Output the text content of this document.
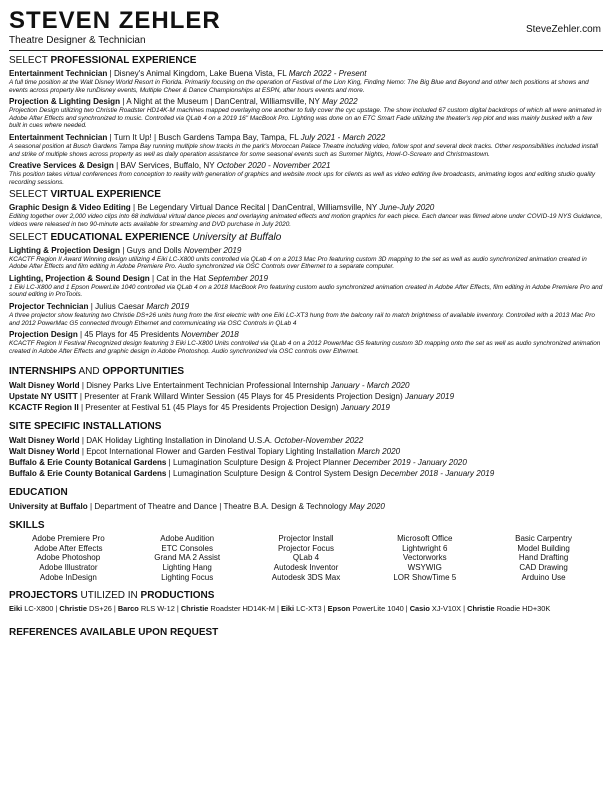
STEVEN ZEHLER
Theatre Designer & Technician
SteveZehler.com
SELECT PROFESSIONAL EXPERIENCE
Entertainment Technician | Disney's Animal Kingdom, Lake Buena Vista, FL March 2022 - Present
A full time position at the Walt Disney World Resort in Florida. Primarily focusing on the operation of Festival of the Lion King, Finding Nemo: The Big Blue and Beyond and other tech positions at shows and events across property like runDisney events, Multiple Cheer & Dance Championships at ESPN, after hours events and more.
Projection & Lighting Design | A Night at the Museum | DanCentral, Williamsville, NY May 2022
Projection Design utilizing two Christie Roadster HD14K-M machines mapped overlaying one another to fully cover the cyc upstage. The show included 67 custom digital backdrops of which all were animated in Adobe After Effects and synchronized to music. Controlled via QLab 4 on a 2019 16" MacBook Pro. Lighting was done on an ETC Smart Fade utilizing the theater's rep plot and was mainly busked with a few built in cues where needed.
Entertainment Technician | Turn It Up! | Busch Gardens Tampa Bay, Tampa, FL July 2021 - March 2022
A seasonal position at Busch Gardens Tampa Bay running multiple show tracks in the park's Moroccan Palace Theatre including video, follow spot and several deck tracks. Other responsibilities included install and strike of multiple shows across property as well as daily operation assistance for some seasonal events such as Summer Nights, Howl-O-Scream and Christmastown.
Creative Services & Design | BAV Services, Buffalo, NY October 2020 - November 2021
This position takes virtual conferences from conception to reality with generation of graphics and website mock ups for clients as well as video editing live broadcasts, animating logos and editing studio quality recording sessions.
SELECT VIRTUAL EXPERIENCE
Graphic Design & Video Editing | Be Legendary Virtual Dance Recital | DanCentral, Williamsville, NY June-July 2020
Editing together over 2,000 video clips into 68 individual virtual dance pieces and overlaying animated effects and motion graphics for each piece. Each dancer was filmed alone under COVID-19 NYS Guidance, videos were released in two 90-minute acts available for streaming and DVD purchase in July 2020.
SELECT EDUCATIONAL EXPERIENCE University at Buffalo
Lighting & Projection Design | Guys and Dolls November 2019
KCACTF Region II Award Winning design utilizing 4 Eiki LC-X800 units controlled via QLab 4 on a 2013 Mac Pro featuring custom 3D mapping to the set as well as audio synchronized animation created in Adobe After Effects and film editing in Adobe Premiere Pro. Audio synchronized via OSC Controls over Ethernet to a separate computer.
Lighting, Projection & Sound Design | Cat in the Hat September 2019
1 Eiki LC-X800 and 1 Epson PowerLite 1040 controlled via QLab 4 on a 2018 MacBook Pro featuring custom audio synchronized animation created in Adobe After Effects, film editing in Adobe Premiere Pro and sound editing in ProTools.
Projector Technician | Julius Caesar March 2019
A three projector show featuring two Christie DS+26 units hung from the first electric with one Eiki LC-XT3 hung from the balcony rail to match brightness of available inventory. Controlled with a 2013 Mac Pro and 2012 PowerMac G5 connected through Ethernet and communicating via OSC Controls in QLab 4
Projection Design | 45 Plays for 45 Presidents November 2018
KCACTF Region II Festival Recognized design featuring 3 Eiki LC-X800 Units controlled via QLab 4 on a 2012 PowerMac G5 featuring custom 3D mapping onto the set as well as audio synchronized animation created in Adobe After Effects and graphic design in Adobe Photoshop. Audio synchronized via OSC controls over Ethernet.
INTERNSHIPS AND OPPORTUNITIES
Walt Disney World | Disney Parks Live Entertainment Technician Professional Internship January - March 2020
Upstate NY USITT | Presenter at Frank Willard Winter Session (45 Plays for 45 Presidents Projection Design) January 2019
KCACTF Region II | Presenter at Festival 51 (45 Plays for 45 Presidents Projection Design) January 2019
SITE SPECIFIC INSTALLATIONS
Walt Disney World | DAK Holiday Lighting Installation in Dinoland U.S.A. October-November 2022
Walt Disney World | Epcot International Flower and Garden Festival Topiary Lighting Installation March 2020
Buffalo & Erie County Botanical Gardens | Lumagination Sculpture Design & Project Planner December 2019 - January 2020
Buffalo & Erie County Botanical Gardens | Lumagination Sculpture Design & Control System Design December 2018 - January 2019
EDUCATION
University at Buffalo | Department of Theatre and Dance | Theatre B.A. Design & Technology May 2020
SKILLS
Adobe Premiere Pro
Adobe After Effects
Adobe Photoshop
Adobe Illustrator
Adobe InDesign
Adobe Audition
ETC Consoles
Grand MA 2 Assist
Lighting Hang
Lighting Focus
Projector Install
Projector Focus
QLab 4
Autodesk Inventor
Autodesk 3DS Max
Microsoft Office
Lightwright 6
Vectorworks
WSYWIG
LOR ShowTime 5
Basic Carpentry
Model Building
Hand Drafting
CAD Drawing
Arduino Use
PROJECTORS UTILIZED IN PRODUCTIONS
Eiki LC-X800 | Christie DS+26 | Barco RLS W-12 | Christie Roadster HD14K-M | Eiki LC-XT3 | Epson PowerLite 1040 | Casio XJ-V10X | Christie Roadie HD+30K
REFERENCES AVAILABLE UPON REQUEST
